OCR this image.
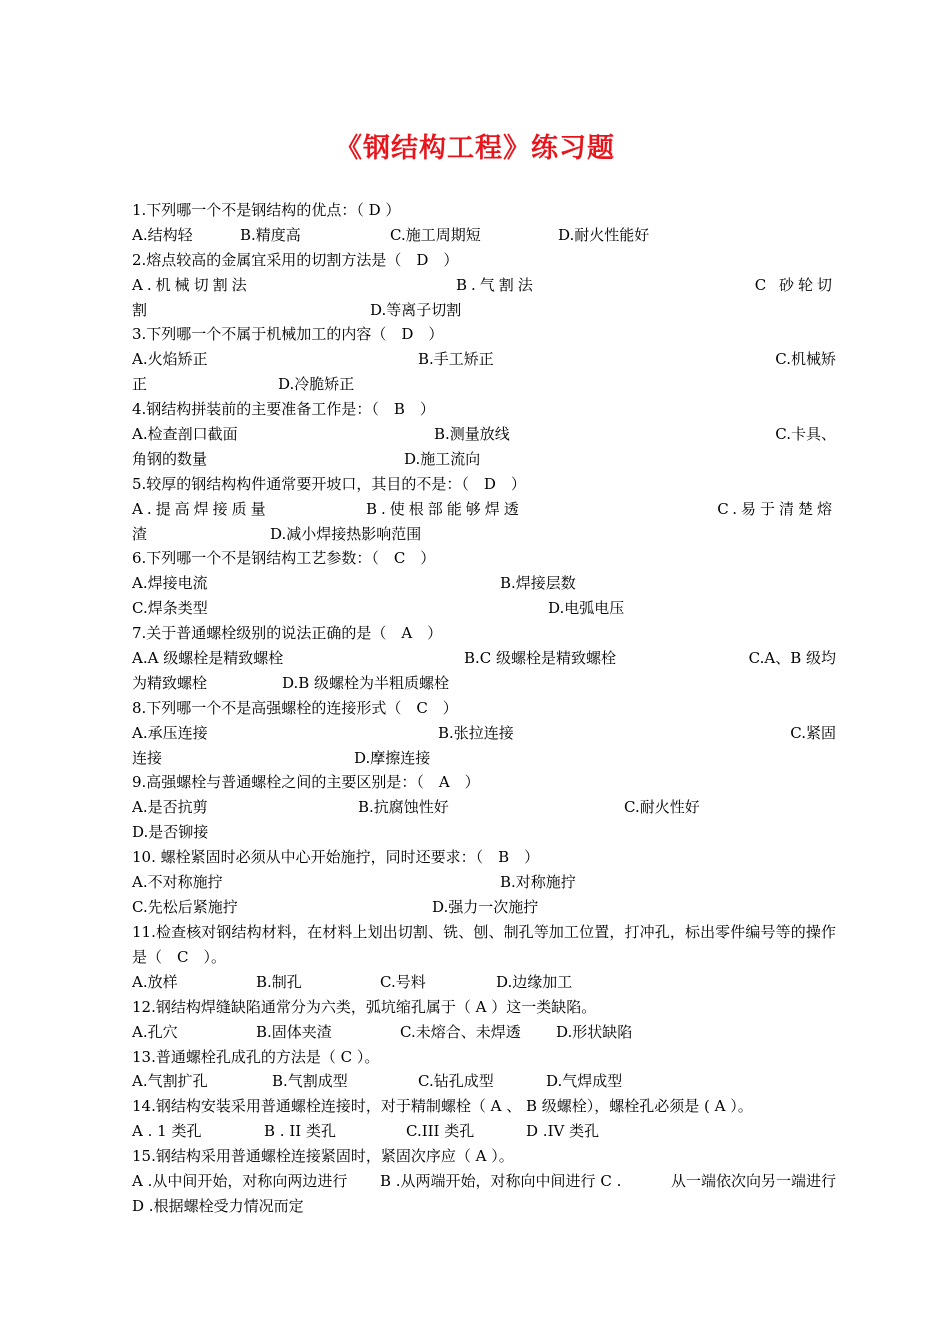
《钢结构工程》练习题
1.下列哪一个不是钢结构的优点：（ D ）
A.结构轻	B.精度高	C.施工周期短	D.耐火性能好
2.熔点较高的金属宜采用的切割方法是（　D　）
A.机械切割法	B.气割法	C 砂轮切
割	D.等离子切割
3.下列哪一个不属于机械加工的内容（　D　）
A.火焰矫正	B.手工矫正	C.机械矫
正	D.冷脆矫正
4.钢结构拼装前的主要准备工作是：（　B　）
A.检查剖口截面	B.测量放线	C.卡具、
角钢的数量	D.施工流向
5.较厚的钢结构构件通常要开坡口，其目的不是：（　D　）
A.提高焊接质量	B.使根部能够焊透	C.易于清楚熔
渣	D.减小焊接热影响范围
6.下列哪一个不是钢结构工艺参数：（　C　）
A.焊接电流	B.焊接层数
C.焊条类型	D.电弧电压
7.关于普通螺栓级别的说法正确的是（　A　）
A.A 级螺栓是精致螺栓	B.C 级螺栓是精致螺栓	C.A、B 级均
为精致螺栓	D.B 级螺栓为半粗质螺栓
8.下列哪一个不是高强螺栓的连接形式（　C　）
A.承压连接	B.张拉连接	C.紧固
连接	D.摩擦连接
9.高强螺栓与普通螺栓之间的主要区别是：（　A　）
A.是否抗剪	B.抗腐蚀性好	C.耐火性好
D.是否铆接
10. 螺栓紧固时必须从中心开始施拧，同时还要求：（　B　）
A.不对称施拧	B.对称施拧
C.先松后紧施拧	D.强力一次施拧
11.检查核对钢结构材料，在材料上划出切割、铣、刨、制孔等加工位置，打冲孔，标出零件编号等的操作是（　C　）。
A.放样	B.制孔	C.号料	D.边缘加工
12.钢结构焊缝缺陷通常分为六类，弧坑缩孔属于（ A ）这一类缺陷。
A.孔穴	B.固体夹渣	C.未熔合、未焊透 D.形状缺陷
13.普通螺栓孔成孔的方法是（ C ）。
A.气割扩孔	B.气割成型	C.钻孔成型	D.气焊成型
14.钢结构安装采用普通螺栓连接时，对于精制螺栓（ A 、 B 级螺栓），螺栓孔必须是 ( A ）。
A . 1 类孔	B . II 类孔	C.III 类孔	D .IV 类孔
15.钢结构采用普通螺栓连接紧固时，紧固次序应（ A ）。
A .从中间开始，对称向两边进行 B .从两端开始，对称向中间进行 C .	从一端依次向另一端进行
D .根据螺栓受力情况而定
